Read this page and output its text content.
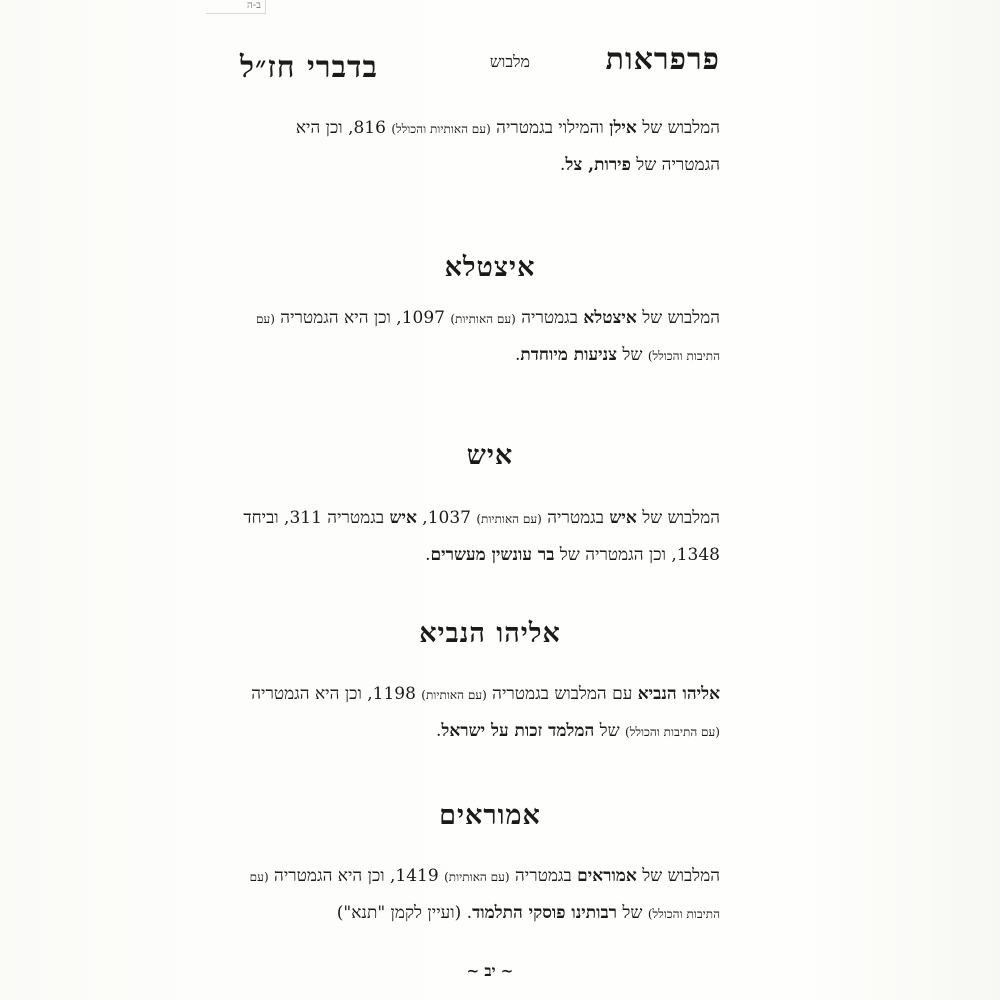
ב-ה
פרפראות
מלבוש
בדברי חז״ל
המלבוש של אילן והמילוי בגמטריה (עם האותיות והכולל) 816, וכן היא הגמטריה של פירות, צל.
איצטלא
המלבוש של איצטלא בגמטריה (עם האותיות) 1097, וכן היא הגמטריה (עם התיבות והכולל) של צניעות מיוחדת.
איש
המלבוש של איש בגמטריה (עם האותיות) 1037, איש בגמטריה 311, וביחד 1348, וכן הגמטריה של בר עונשין מעשרים.
אליהו הנביא
אליהו הנביא עם המלבוש בגמטריה (עם האותיות) 1198, וכן היא הגמטריה (עם התיבות והכולל) של המלמד זכות על ישראל.
אמוראים
המלבוש של אמוראים בגמטריה (עם האותיות) 1419, וכן היא הגמטריה (עם התיבות והכולל) של רבותינו פוסקי התלמוד. (ועיין לקמן "תנא")
~ יב ~
